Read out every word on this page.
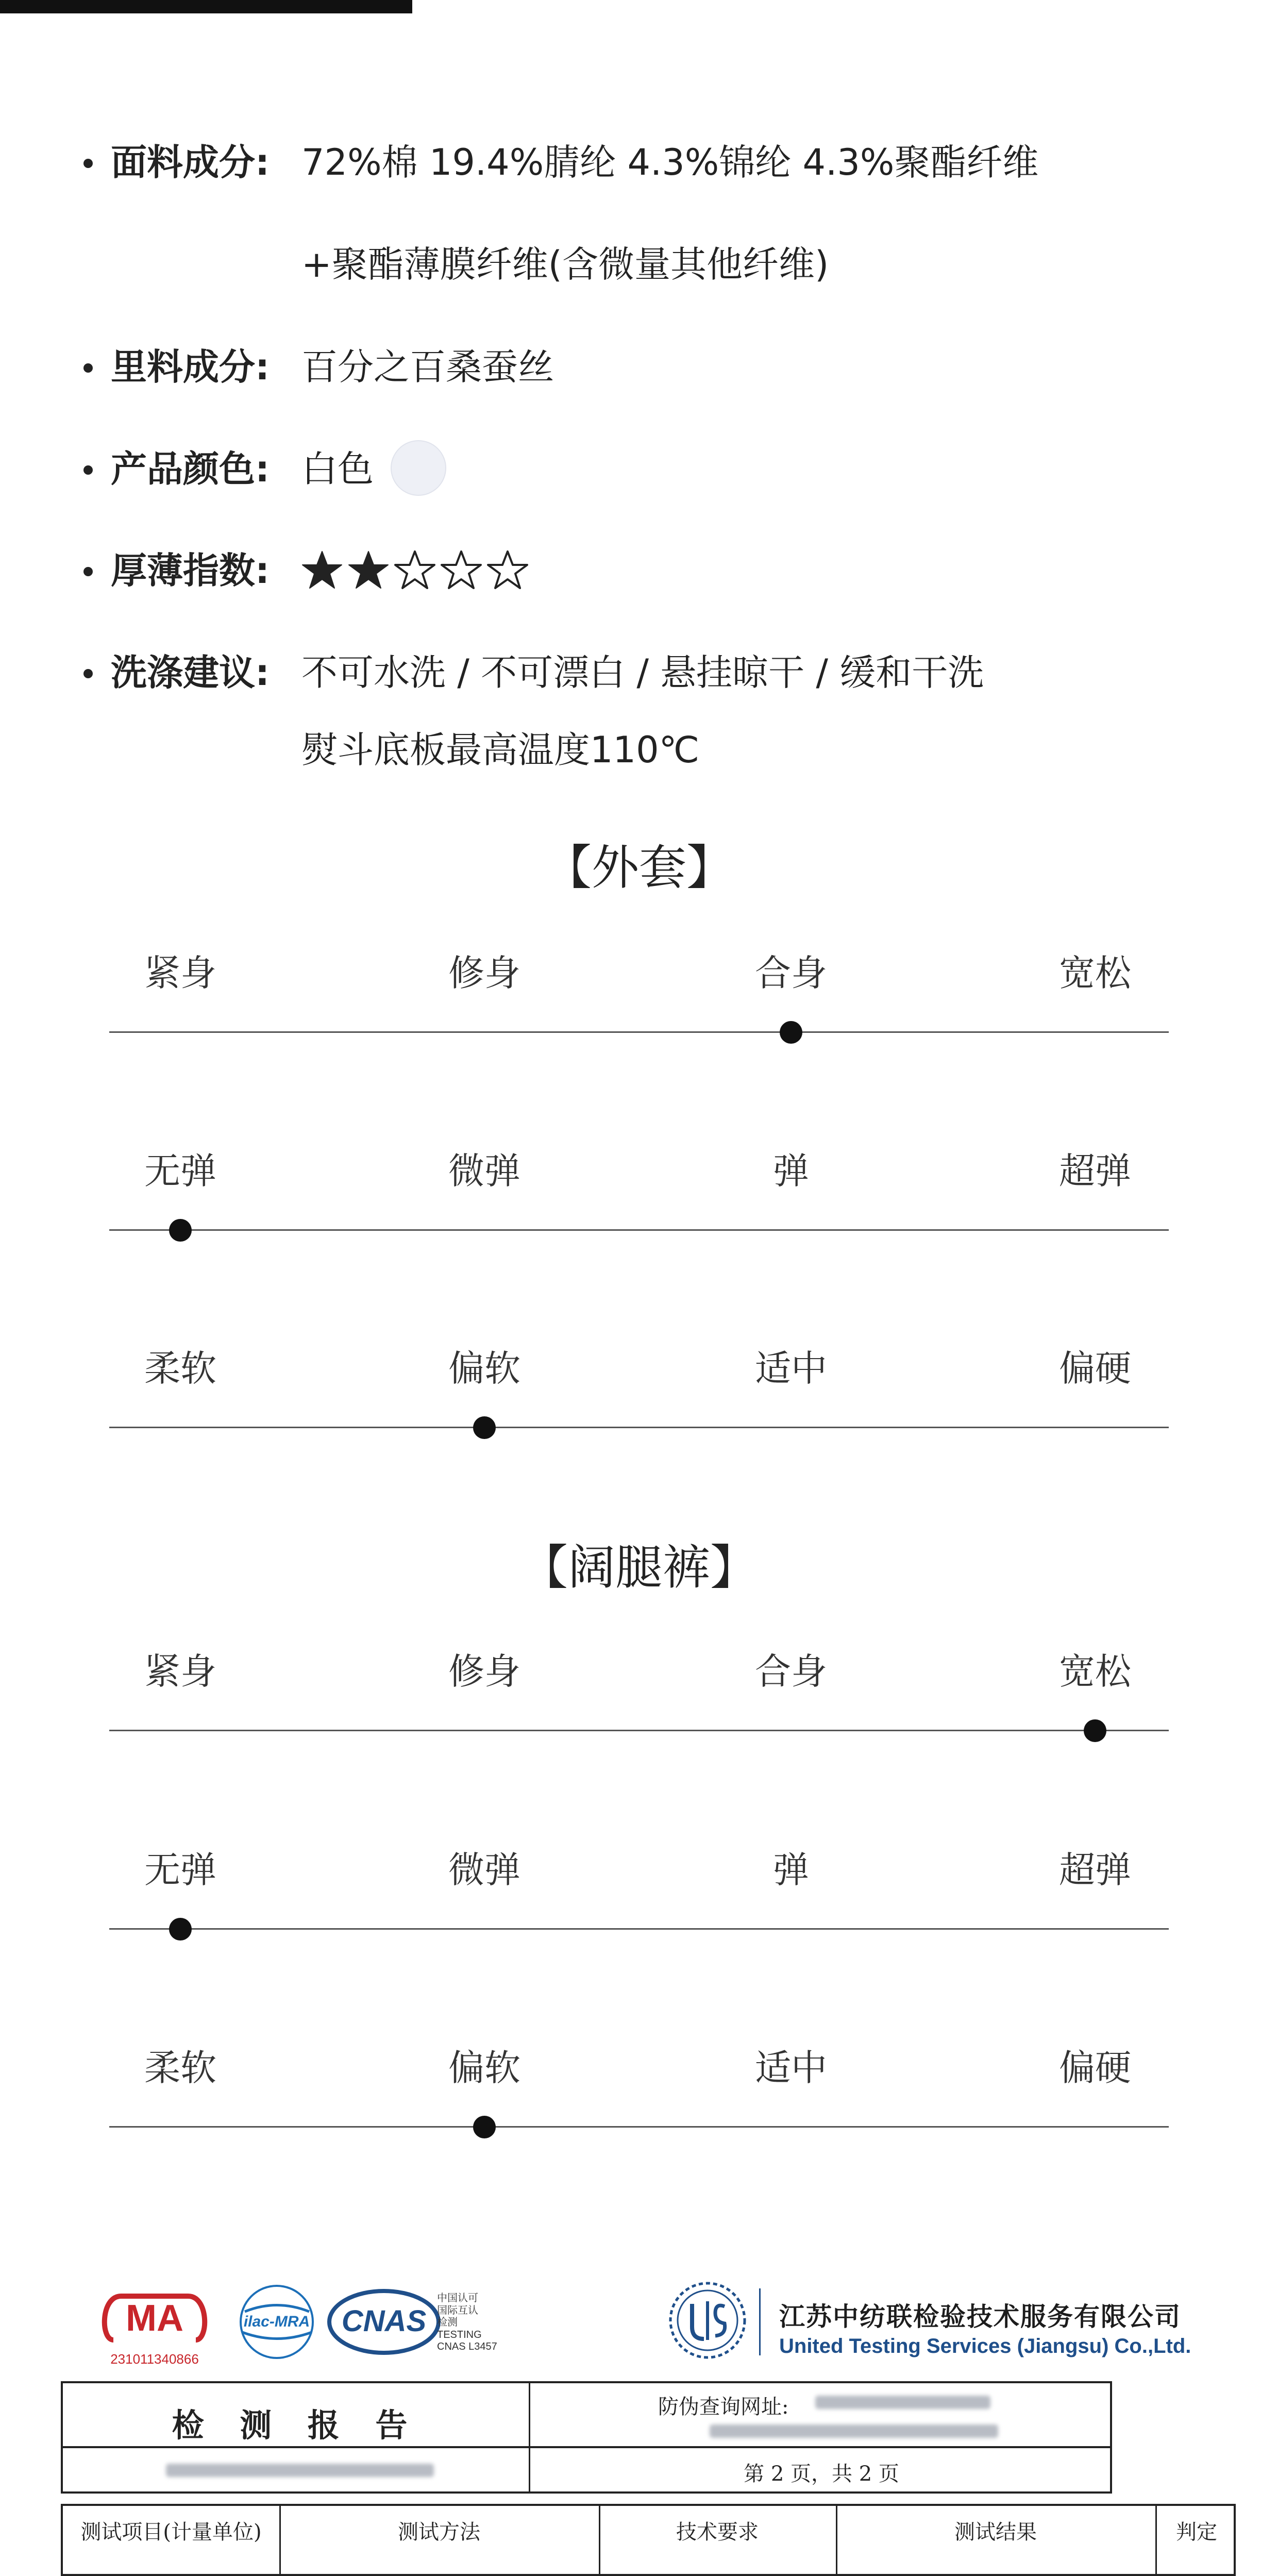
面料成分: 72%棉 19.4%腈纶 4.3%锦纶 4.3%聚酯纤维
+聚酯薄膜纤维(含微量其他纤维)
里料成分: 百分之百桑蚕丝
产品颜色: 白色
厚薄指数:
洗涤建议: 不可水洗 / 不可漂白 / 悬挂晾干 / 缓和干洗
熨斗底板最高温度110℃
【外套】
紧身	修身	合身	宽松
无弹	微弹	弹	超弹
柔软	偏软	适中	偏硬
【阔腿裤】
紧身	修身	合身	宽松
无弹	微弹	弹	超弹
柔软	偏软	适中	偏硬
MA
231011340866
ilac-MRA CNAS
中国认可
国际互认
检测
TESTING
CNAS L3457
江苏中纺联检验技术服务有限公司
United Testing Services (Jiangsu) Co.,Ltd.
检 测 报 告	防伪查询网址:
第 2 页，共 2 页
测试项目(计量单位)	测试方法	技术要求	测试结果	判定
